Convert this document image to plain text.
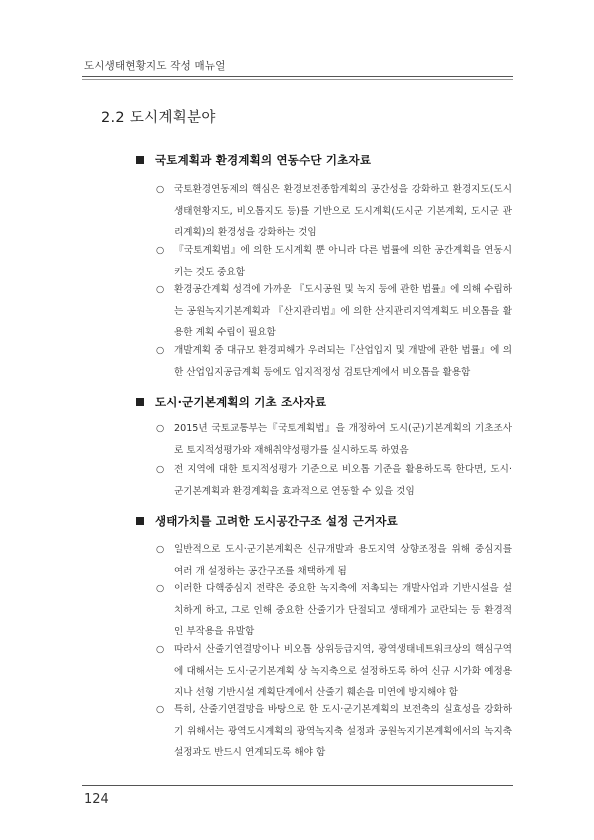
도시생태현황지도 작성 매뉴얼
2.2 도시계획분야
국토계획과 환경계획의 연동수단 기초자료
○	국토환경연동제의 핵심은 환경보전종합계획의 공간성을 강화하고 환경지도(도시생태현황지도, 비오톱지도 등)를 기반으로 도시계획(도시군 기본계획, 도시군 관리계획)의 환경성을 강화하는 것임
○	『국토계획법』에 의한 도시계획 뿐 아니라 다른 법률에 의한 공간계획을 연동시키는 것도 중요함
○	환경공간계획 성격에 가까운 『도시공원 및 녹지 등에 관한 법률』에 의해 수립하는 공원녹지기본계획과 『산지관리법』에 의한 산지관리지역계획도 비오톱을 활용한 계획 수립이 필요함
○	개발계획 중 대규모 환경피해가 우려되는『산업입지 및 개발에 관한 법률』에 의한 산업입지공급계획 등에도 입지적정성 검토단계에서 비오톱을 활용함
도시·군기본계획의 기초 조사자료
○	2015년 국토교통부는『국토계획법』을 개정하여 도시(군)기본계획의 기초조사로 토지적성평가와 재해취약성평가를 실시하도록 하였음
○	전 지역에 대한 토지적성평가 기준으로 비오톱 기준을 활용하도록 한다면, 도시·군기본계획과 환경계획을 효과적으로 연동할 수 있을 것임
생태가치를 고려한 도시공간구조 설정 근거자료
○	일반적으로 도시·군기본계획은 신규개발과 용도지역 상향조정을 위해 중심지를 여러 개 설정하는 공간구조를 채택하게 됨
○	이러한 다핵중심지 전략은 중요한 녹지축에 저촉되는 개발사업과 기반시설을 설치하게 하고, 그로 인해 중요한 산줄기가 단절되고 생태계가 교란되는 등 환경적인 부작용을 유발함
○	따라서 산줄기연결망이나 비오톱 상위등급지역, 광역생태네트워크상의 핵심구역에 대해서는 도시·군기본계획 상 녹지축으로 설정하도록 하여 신규 시가화 예정용지나 선형 기반시설 계획단계에서 산줄기 훼손을 미연에 방지해야 함
○	특히, 산줄기연결망을 바탕으로 한 도시·군기본계획의 보전축의 실효성을 강화하기 위해서는 광역도시계획의 광역녹지축 설정과 공원녹지기본계획에서의 녹지축 설정과도 반드시 연계되도록 해야 함
124
